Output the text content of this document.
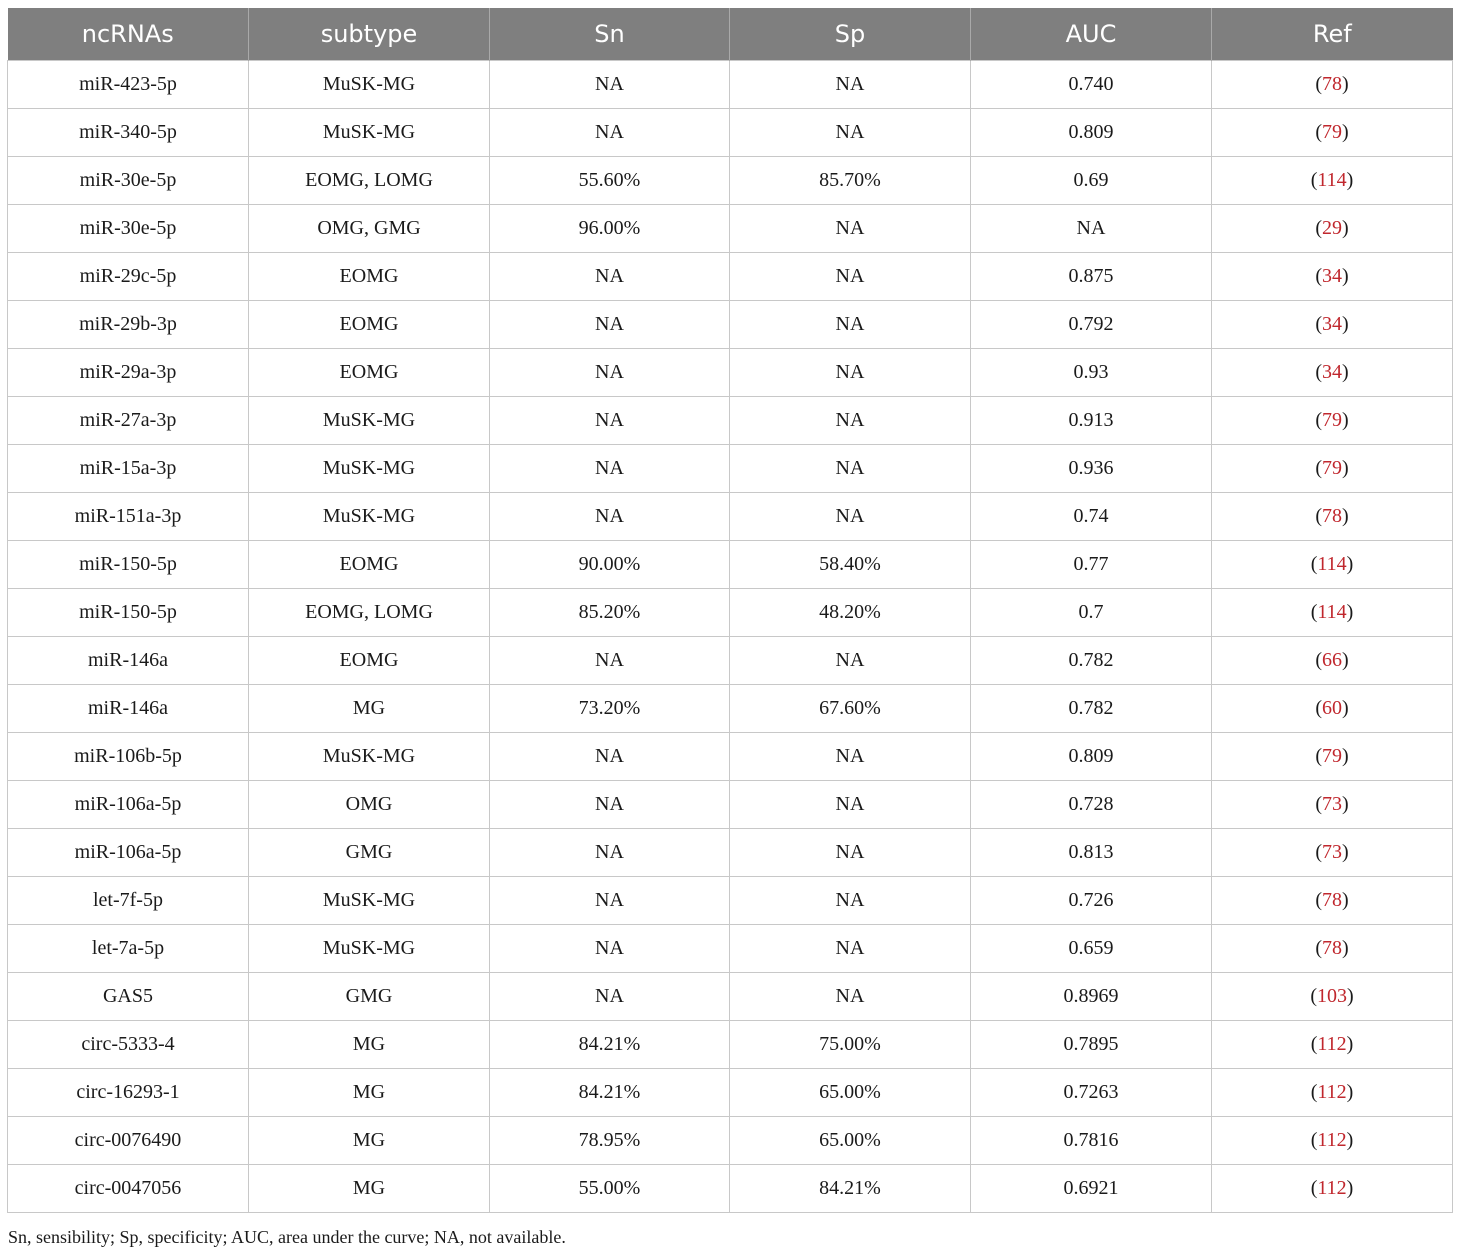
ncRNAs	subtype	Sn	Sp	AUC	Ref
miR-423-5p	MuSK-MG	NA	NA	0.740	(78)
miR-340-5p	MuSK-MG	NA	NA	0.809	(79)
miR-30e-5p	EOMG, LOMG	55.60%	85.70%	0.69	(114)
miR-30e-5p	OMG, GMG	96.00%	NA	NA	(29)
miR-29c-5p	EOMG	NA	NA	0.875	(34)
miR-29b-3p	EOMG	NA	NA	0.792	(34)
miR-29a-3p	EOMG	NA	NA	0.93	(34)
miR-27a-3p	MuSK-MG	NA	NA	0.913	(79)
miR-15a-3p	MuSK-MG	NA	NA	0.936	(79)
miR-151a-3p	MuSK-MG	NA	NA	0.74	(78)
miR-150-5p	EOMG	90.00%	58.40%	0.77	(114)
miR-150-5p	EOMG, LOMG	85.20%	48.20%	0.7	(114)
miR-146a	EOMG	NA	NA	0.782	(66)
miR-146a	MG	73.20%	67.60%	0.782	(60)
miR-106b-5p	MuSK-MG	NA	NA	0.809	(79)
miR-106a-5p	OMG	NA	NA	0.728	(73)
miR-106a-5p	GMG	NA	NA	0.813	(73)
let-7f-5p	MuSK-MG	NA	NA	0.726	(78)
let-7a-5p	MuSK-MG	NA	NA	0.659	(78)
GAS5	GMG	NA	NA	0.8969	(103)
circ-5333-4	MG	84.21%	75.00%	0.7895	(112)
circ-16293-1	MG	84.21%	65.00%	0.7263	(112)
circ-0076490	MG	78.95%	65.00%	0.7816	(112)
circ-0047056	MG	55.00%	84.21%	0.6921	(112)
Sn, sensibility; Sp, specificity; AUC, area under the curve; NA, not available.
